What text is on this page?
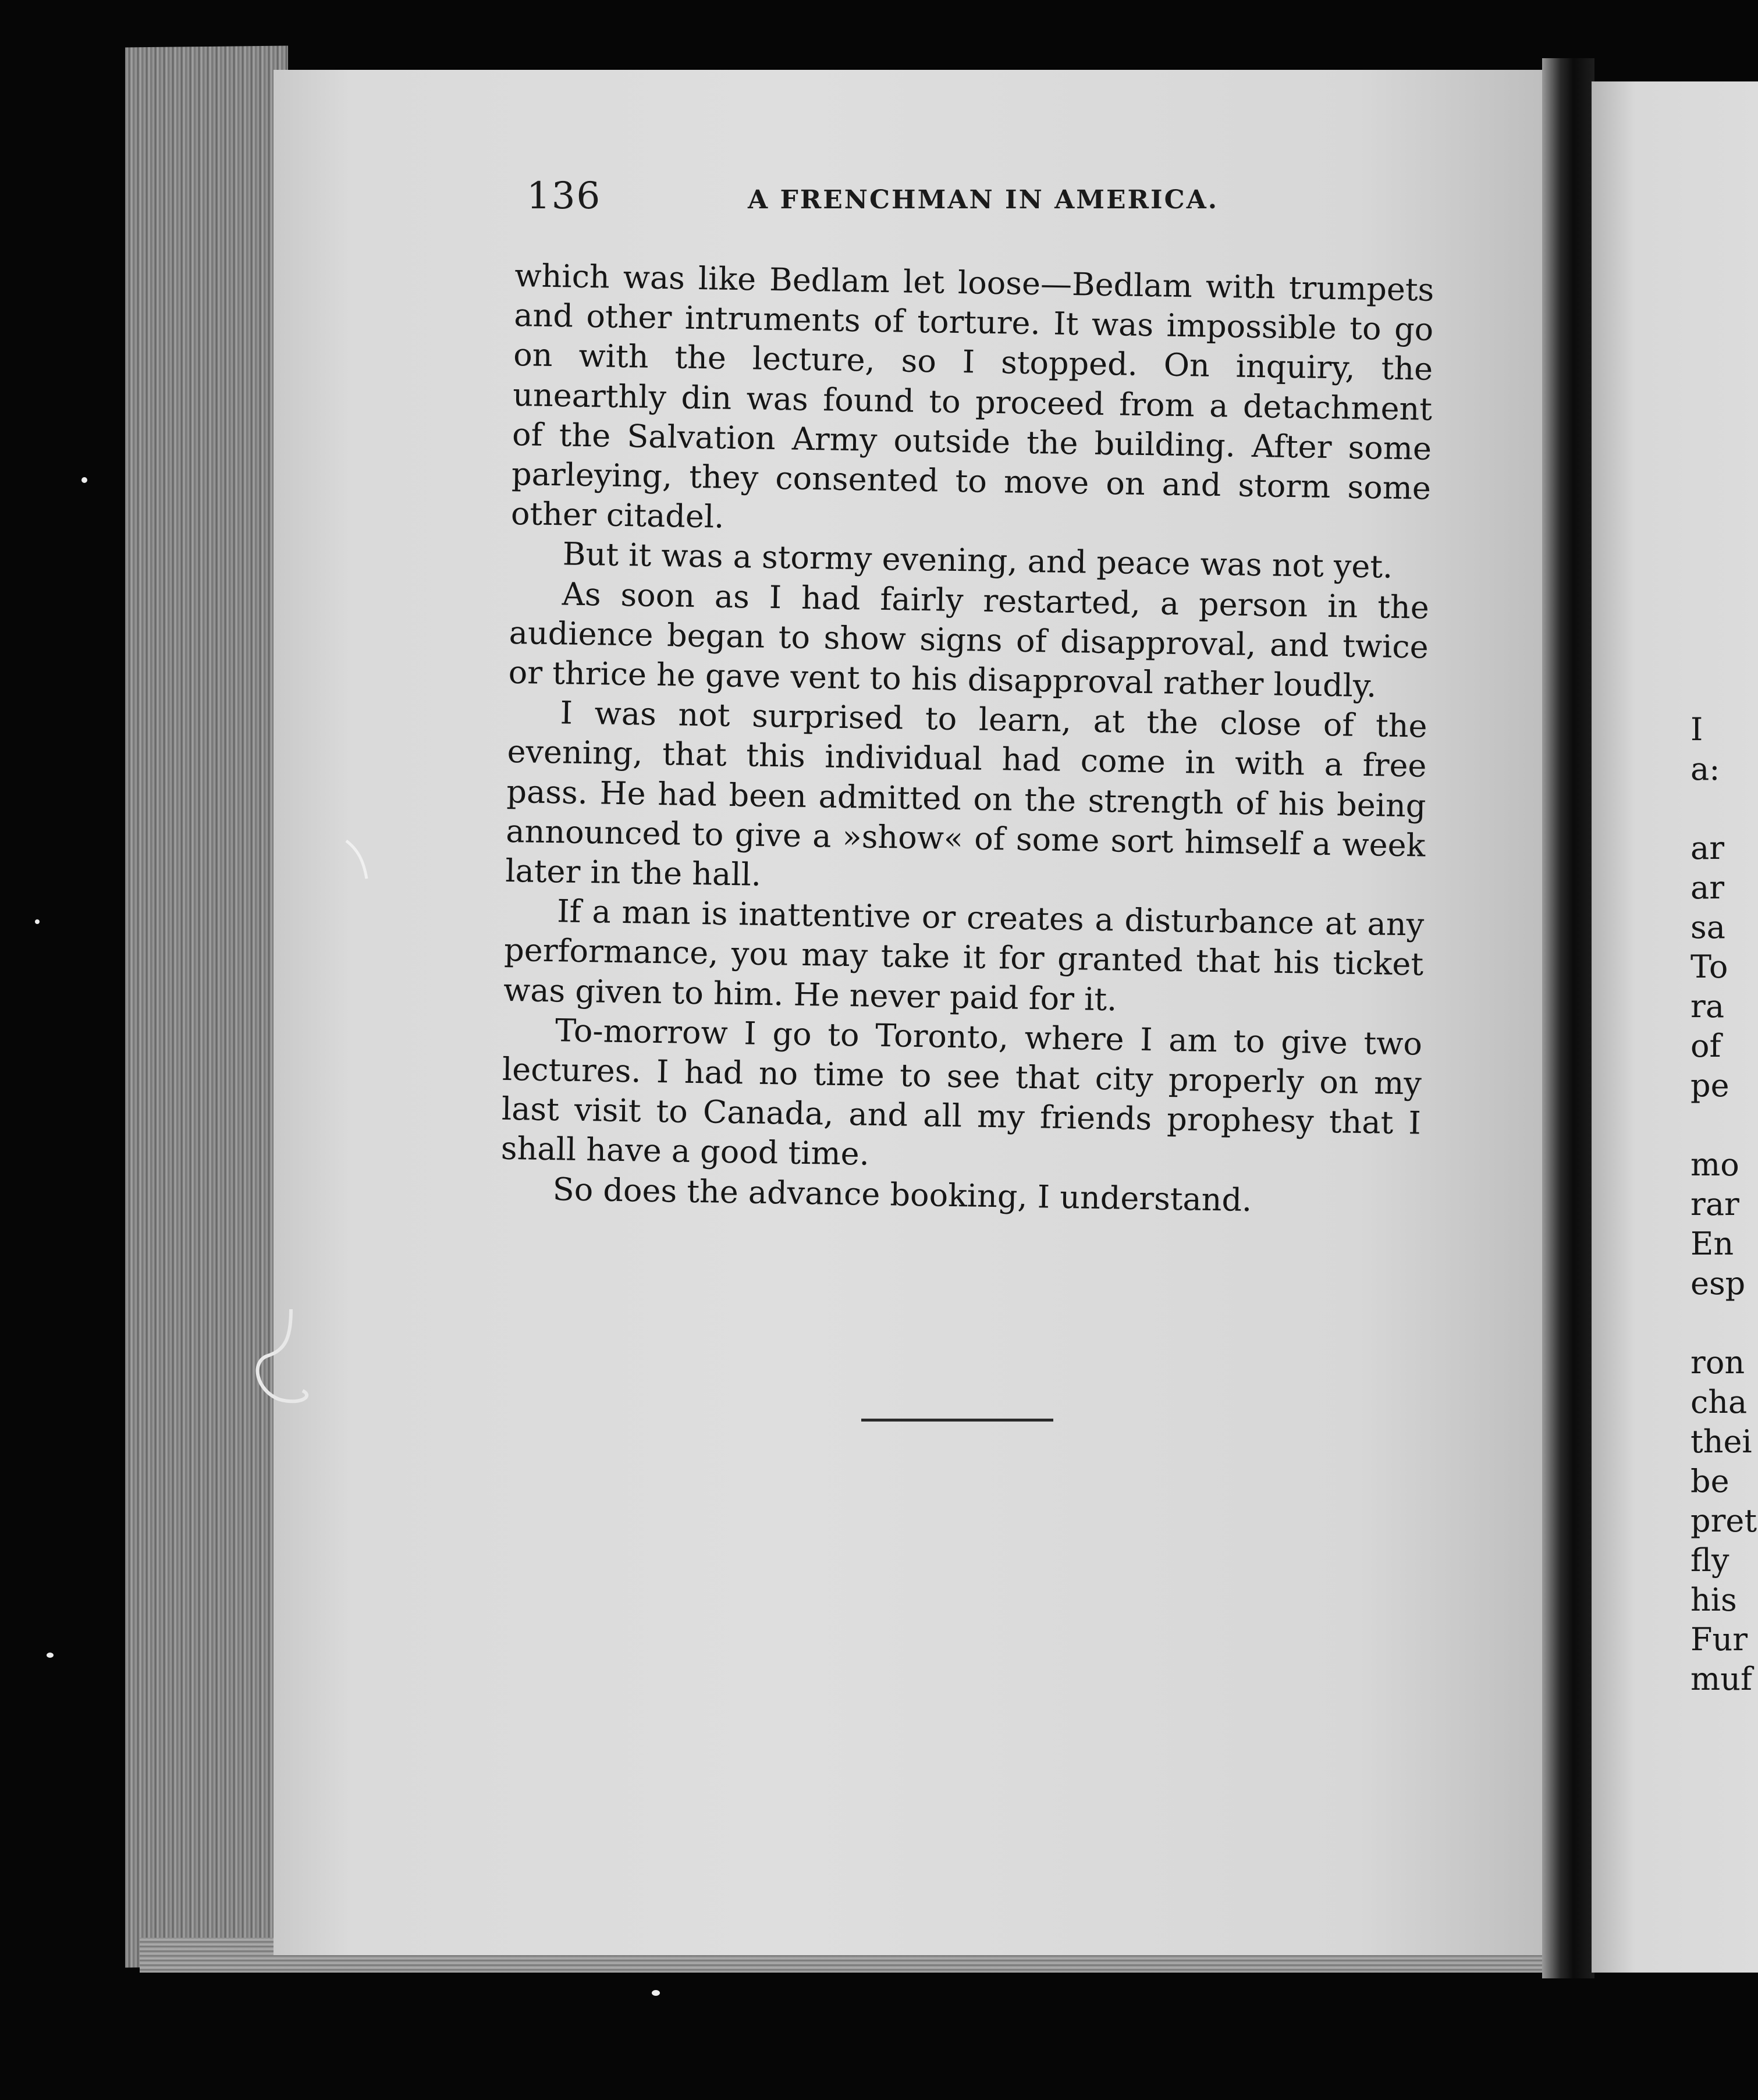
136	A FRENCHMAN IN AMERICA.

which was like Bedlam let loose—Bedlam with trumpets and other intruments of torture. It was impossible to go on with the lecture, so I stopped. On inquiry, the unearthly din was found to proceed from a detachment of the Salvation Army outside the building. After some parleying, they consented to move on and storm some other citadel.

But it was a stormy evening, and peace was not yet.

As soon as I had fairly restarted, a person in the audience began to show signs of disapproval, and twice or thrice he gave vent to his disapproval rather loudly.

I was not surprised to learn, at the close of the evening, that this individual had come in with a free pass. He had been admitted on the strength of his being announced to give a »show« of some sort himself a week later in the hall.

If a man is inattentive or creates a disturbance at any performance, you may take it for granted that his ticket was given to him. He never paid for it.

To-morrow I go to Toronto, where I am to give two lectures. I had no time to see that city properly on my last visit to Canada, and all my friends prophesy that I shall have a good time.

So does the advance booking, I understand.

I
a:
ar
ar
sa
To
ra
of
pe
mo
rar
En
esp
ron
cha
thei
be
pret
fly
his
Fur
muf
